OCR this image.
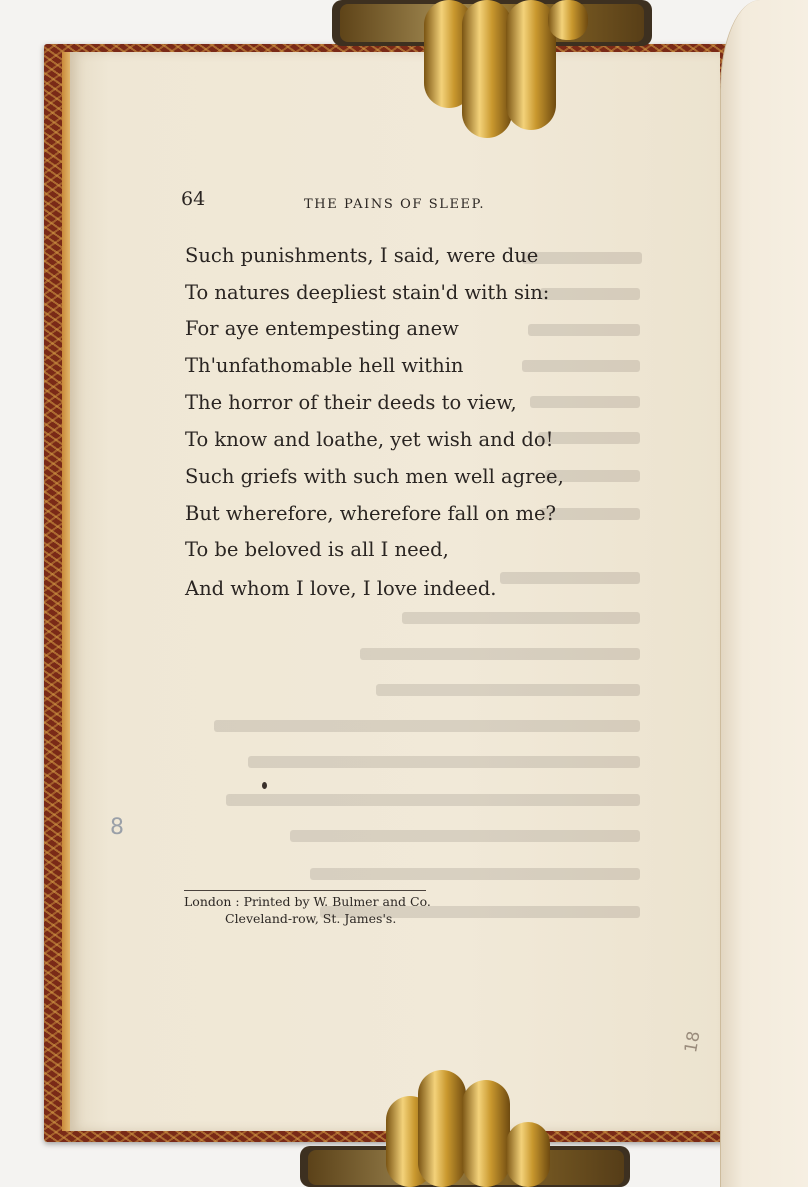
64	THE PAINS OF SLEEP.
Such punishments, I said, were due
To natures deepliest stain'd with sin:
For aye entempesting anew
Th'unfathomable hell within
The horror of their deeds to view,
To know and loathe, yet wish and do!
Such griefs with such men well agree,
But wherefore, wherefore fall on me?
To be beloved is all I need,
And whom I love, I love indeed.
8
London : Printed by W. Bulmer and Co.
Cleveland-row, St. James's.
18
